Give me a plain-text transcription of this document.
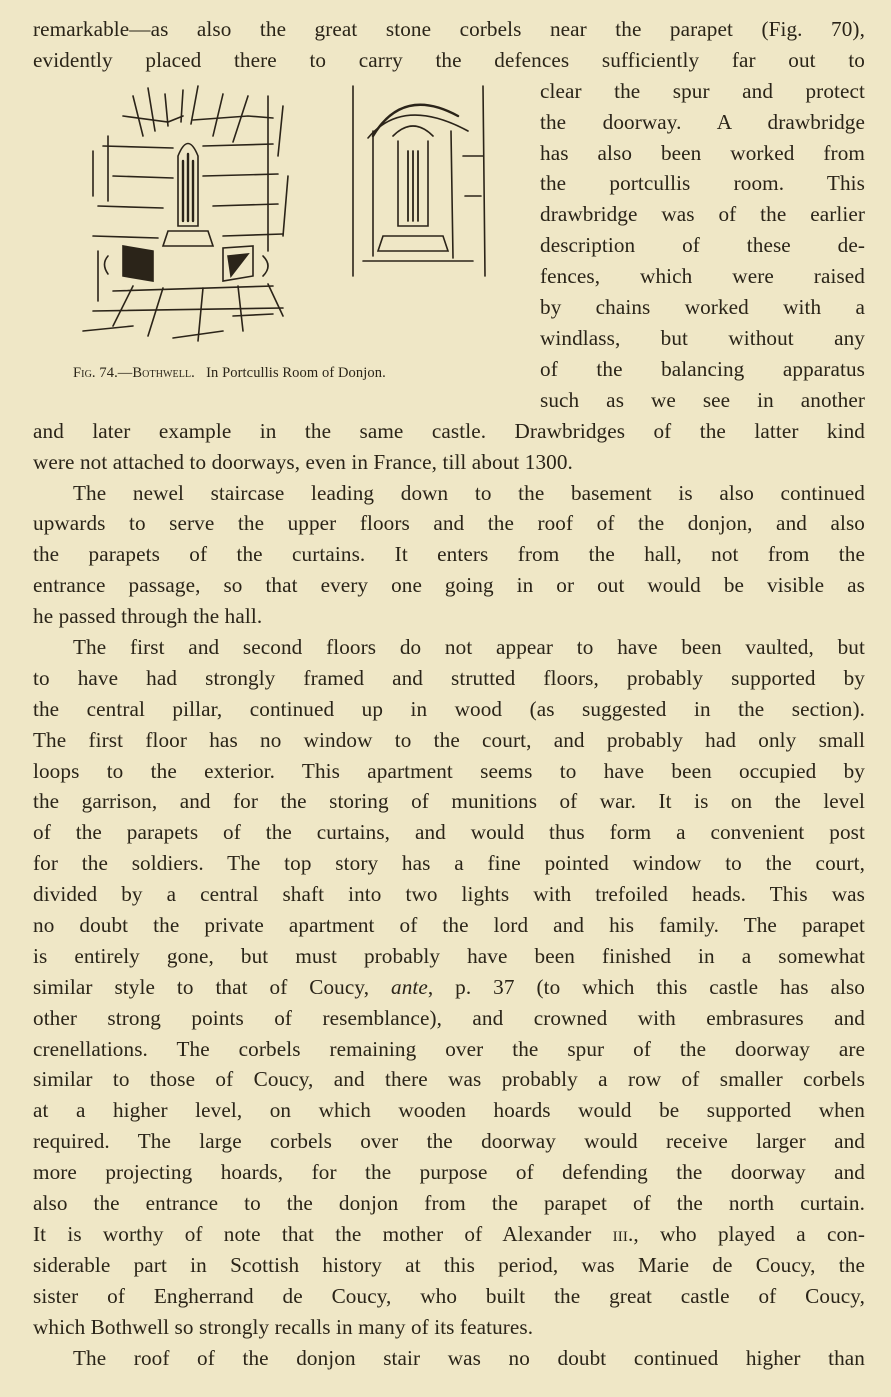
remarkable—as also the great stone corbels near the parapet (Fig. 70),
evidently placed there to carry the defences sufficiently far out to
Fig. 74.—Bothwell. In Portcullis Room of Donjon.
clear the spur and protect
the doorway. A drawbridge
has also been worked from
the portcullis room. This
drawbridge was of the earlier
description of these de-
fences, which were raised
by chains worked with a
windlass, but without any
of the balancing apparatus
such as we see in another
and later example in the same castle. Drawbridges of the latter kind
were not attached to doorways, even in France, till about 1300.
The newel staircase leading down to the basement is also continued
upwards to serve the upper floors and the roof of the donjon, and also
the parapets of the curtains. It enters from the hall, not from the
entrance passage, so that every one going in or out would be visible as
he passed through the hall.
The first and second floors do not appear to have been vaulted, but
to have had strongly framed and strutted floors, probably supported by
the central pillar, continued up in wood (as suggested in the section).
The first floor has no window to the court, and probably had only small
loops to the exterior. This apartment seems to have been occupied by
the garrison, and for the storing of munitions of war. It is on the level
of the parapets of the curtains, and would thus form a convenient post
for the soldiers. The top story has a fine pointed window to the court,
divided by a central shaft into two lights with trefoiled heads. This was
no doubt the private apartment of the lord and his family. The parapet
is entirely gone, but must probably have been finished in a somewhat
similar style to that of Coucy, ante, p. 37 (to which this castle has also
other strong points of resemblance), and crowned with embrasures and
crenellations. The corbels remaining over the spur of the doorway are
similar to those of Coucy, and there was probably a row of smaller corbels
at a higher level, on which wooden hoards would be supported when
required. The large corbels over the doorway would receive larger and
more projecting hoards, for the purpose of defending the doorway and
also the entrance to the donjon from the parapet of the north curtain.
It is worthy of note that the mother of Alexander iii., who played a con-
siderable part in Scottish history at this period, was Marie de Coucy, the
sister of Engherrand de Coucy, who built the great castle of Coucy,
which Bothwell so strongly recalls in many of its features.
The roof of the donjon stair was no doubt continued higher than
